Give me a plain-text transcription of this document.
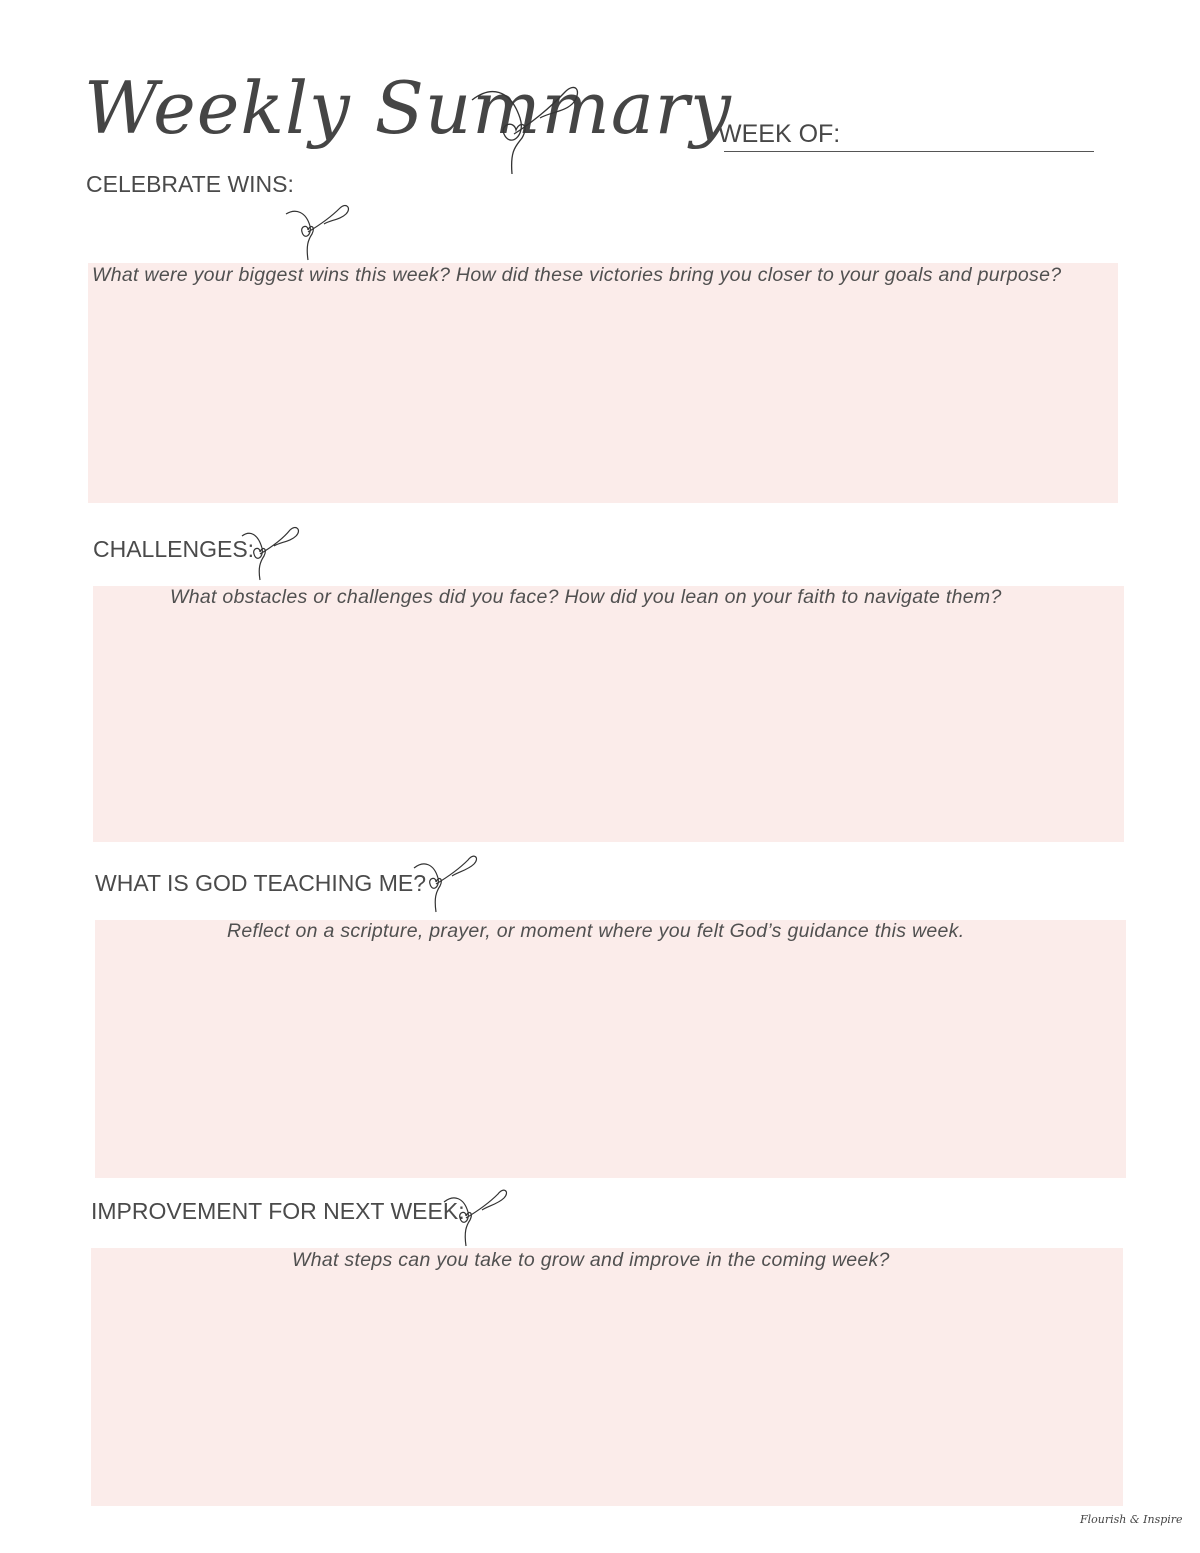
Weekly Summary
WEEK OF:
CELEBRATE WINS:
What were your biggest wins this week? How did these victories bring you closer to your goals and purpose?
CHALLENGES:
What obstacles or challenges did you face? How did you lean on your faith to navigate them?
WHAT IS GOD TEACHING ME?
Reflect on a scripture, prayer, or moment where you felt God’s guidance this week.
IMPROVEMENT FOR NEXT WEEK:
What steps can you take to grow and improve in the coming week?
Flourish & Inspire
